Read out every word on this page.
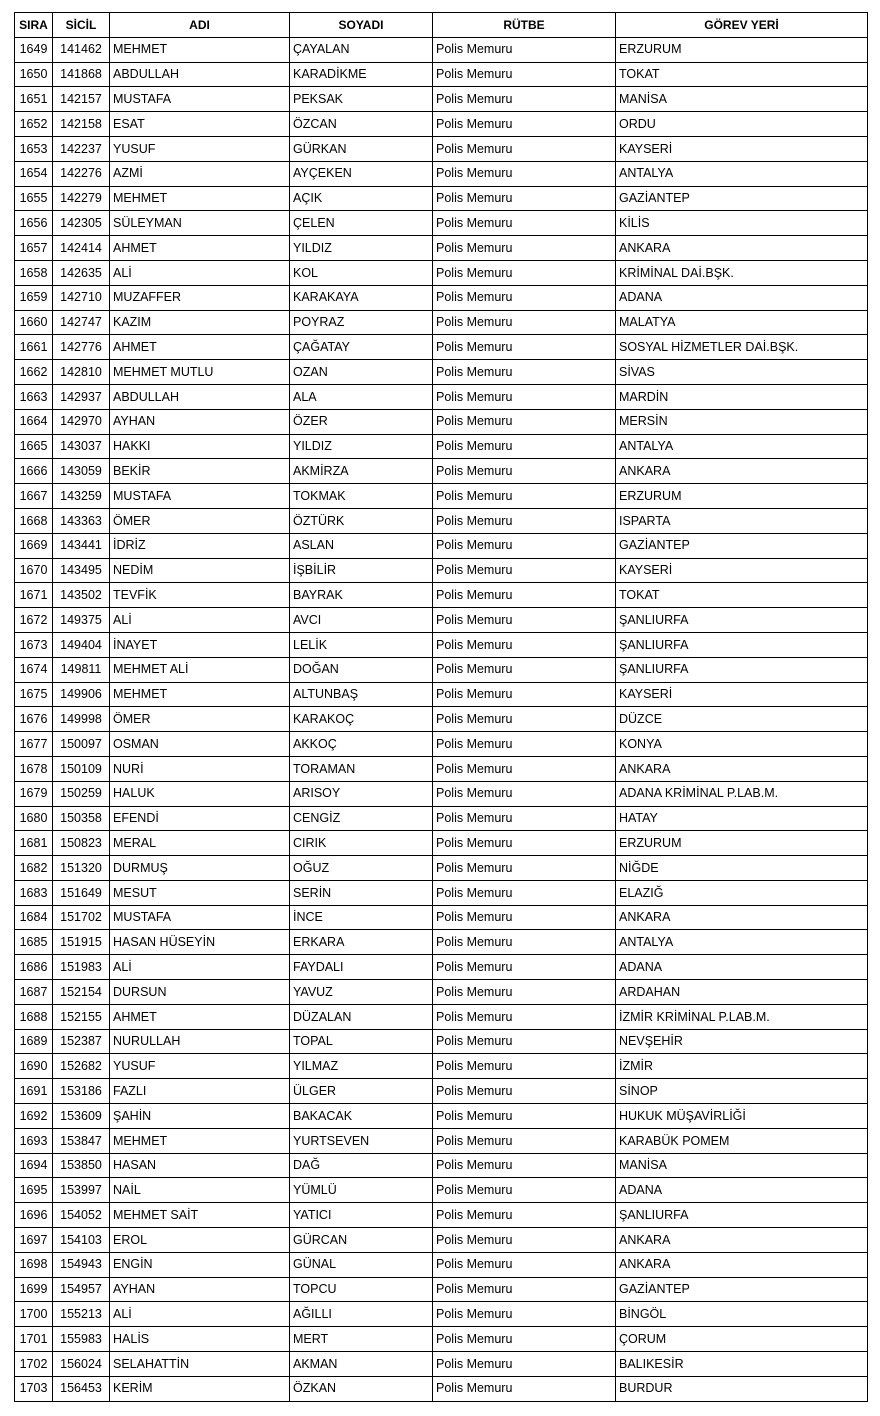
SIRA	SİCİL	ADI	SOYADI	RÜTBE	GÖREV YERİ
1649	141462	MEHMET	ÇAYALAN	Polis Memuru	ERZURUM
1650	141868	ABDULLAH	KARADİKME	Polis Memuru	TOKAT
1651	142157	MUSTAFA	PEKSAK	Polis Memuru	MANİSA
1652	142158	ESAT	ÖZCAN	Polis Memuru	ORDU
1653	142237	YUSUF	GÜRKAN	Polis Memuru	KAYSERİ
1654	142276	AZMİ	AYÇEKEN	Polis Memuru	ANTALYA
1655	142279	MEHMET	AÇIK	Polis Memuru	GAZİANTEP
1656	142305	SÜLEYMAN	ÇELEN	Polis Memuru	KİLİS
1657	142414	AHMET	YILDIZ	Polis Memuru	ANKARA
1658	142635	ALİ	KOL	Polis Memuru	KRİMİNAL DAİ.BŞK.
1659	142710	MUZAFFER	KARAKAYA	Polis Memuru	ADANA
1660	142747	KAZIM	POYRAZ	Polis Memuru	MALATYA
1661	142776	AHMET	ÇAĞATAY	Polis Memuru	SOSYAL HİZMETLER DAİ.BŞK.
1662	142810	MEHMET MUTLU	OZAN	Polis Memuru	SİVAS
1663	142937	ABDULLAH	ALA	Polis Memuru	MARDİN
1664	142970	AYHAN	ÖZER	Polis Memuru	MERSİN
1665	143037	HAKKI	YILDIZ	Polis Memuru	ANTALYA
1666	143059	BEKİR	AKMİRZA	Polis Memuru	ANKARA
1667	143259	MUSTAFA	TOKMAK	Polis Memuru	ERZURUM
1668	143363	ÖMER	ÖZTÜRK	Polis Memuru	ISPARTA
1669	143441	İDRİZ	ASLAN	Polis Memuru	GAZİANTEP
1670	143495	NEDİM	İŞBİLİR	Polis Memuru	KAYSERİ
1671	143502	TEVFİK	BAYRAK	Polis Memuru	TOKAT
1672	149375	ALİ	AVCI	Polis Memuru	ŞANLIURFA
1673	149404	İNAYET	LELİK	Polis Memuru	ŞANLIURFA
1674	149811	MEHMET ALİ	DOĞAN	Polis Memuru	ŞANLIURFA
1675	149906	MEHMET	ALTUNBAŞ	Polis Memuru	KAYSERİ
1676	149998	ÖMER	KARAKOÇ	Polis Memuru	DÜZCE
1677	150097	OSMAN	AKKOÇ	Polis Memuru	KONYA
1678	150109	NURİ	TORAMAN	Polis Memuru	ANKARA
1679	150259	HALUK	ARISOY	Polis Memuru	ADANA KRİMİNAL P.LAB.M.
1680	150358	EFENDİ	CENGİZ	Polis Memuru	HATAY
1681	150823	MERAL	CIRIK	Polis Memuru	ERZURUM
1682	151320	DURMUŞ	OĞUZ	Polis Memuru	NİĞDE
1683	151649	MESUT	SERİN	Polis Memuru	ELAZIĞ
1684	151702	MUSTAFA	İNCE	Polis Memuru	ANKARA
1685	151915	HASAN HÜSEYİN	ERKARA	Polis Memuru	ANTALYA
1686	151983	ALİ	FAYDALI	Polis Memuru	ADANA
1687	152154	DURSUN	YAVUZ	Polis Memuru	ARDAHAN
1688	152155	AHMET	DÜZALAN	Polis Memuru	İZMİR KRİMİNAL P.LAB.M.
1689	152387	NURULLAH	TOPAL	Polis Memuru	NEVŞEHİR
1690	152682	YUSUF	YILMAZ	Polis Memuru	İZMİR
1691	153186	FAZLI	ÜLGER	Polis Memuru	SİNOP
1692	153609	ŞAHİN	BAKACAK	Polis Memuru	HUKUK MÜŞAVİRLİĞİ
1693	153847	MEHMET	YURTSEVEN	Polis Memuru	KARABÜK POMEM
1694	153850	HASAN	DAĞ	Polis Memuru	MANİSA
1695	153997	NAİL	YÜMLÜ	Polis Memuru	ADANA
1696	154052	MEHMET SAİT	YATICI	Polis Memuru	ŞANLIURFA
1697	154103	EROL	GÜRCAN	Polis Memuru	ANKARA
1698	154943	ENGİN	GÜNAL	Polis Memuru	ANKARA
1699	154957	AYHAN	TOPCU	Polis Memuru	GAZİANTEP
1700	155213	ALİ	AĞILLI	Polis Memuru	BİNGÖL
1701	155983	HALİS	MERT	Polis Memuru	ÇORUM
1702	156024	SELAHATTİN	AKMAN	Polis Memuru	BALIKESİR
1703	156453	KERİM	ÖZKAN	Polis Memuru	BURDUR
